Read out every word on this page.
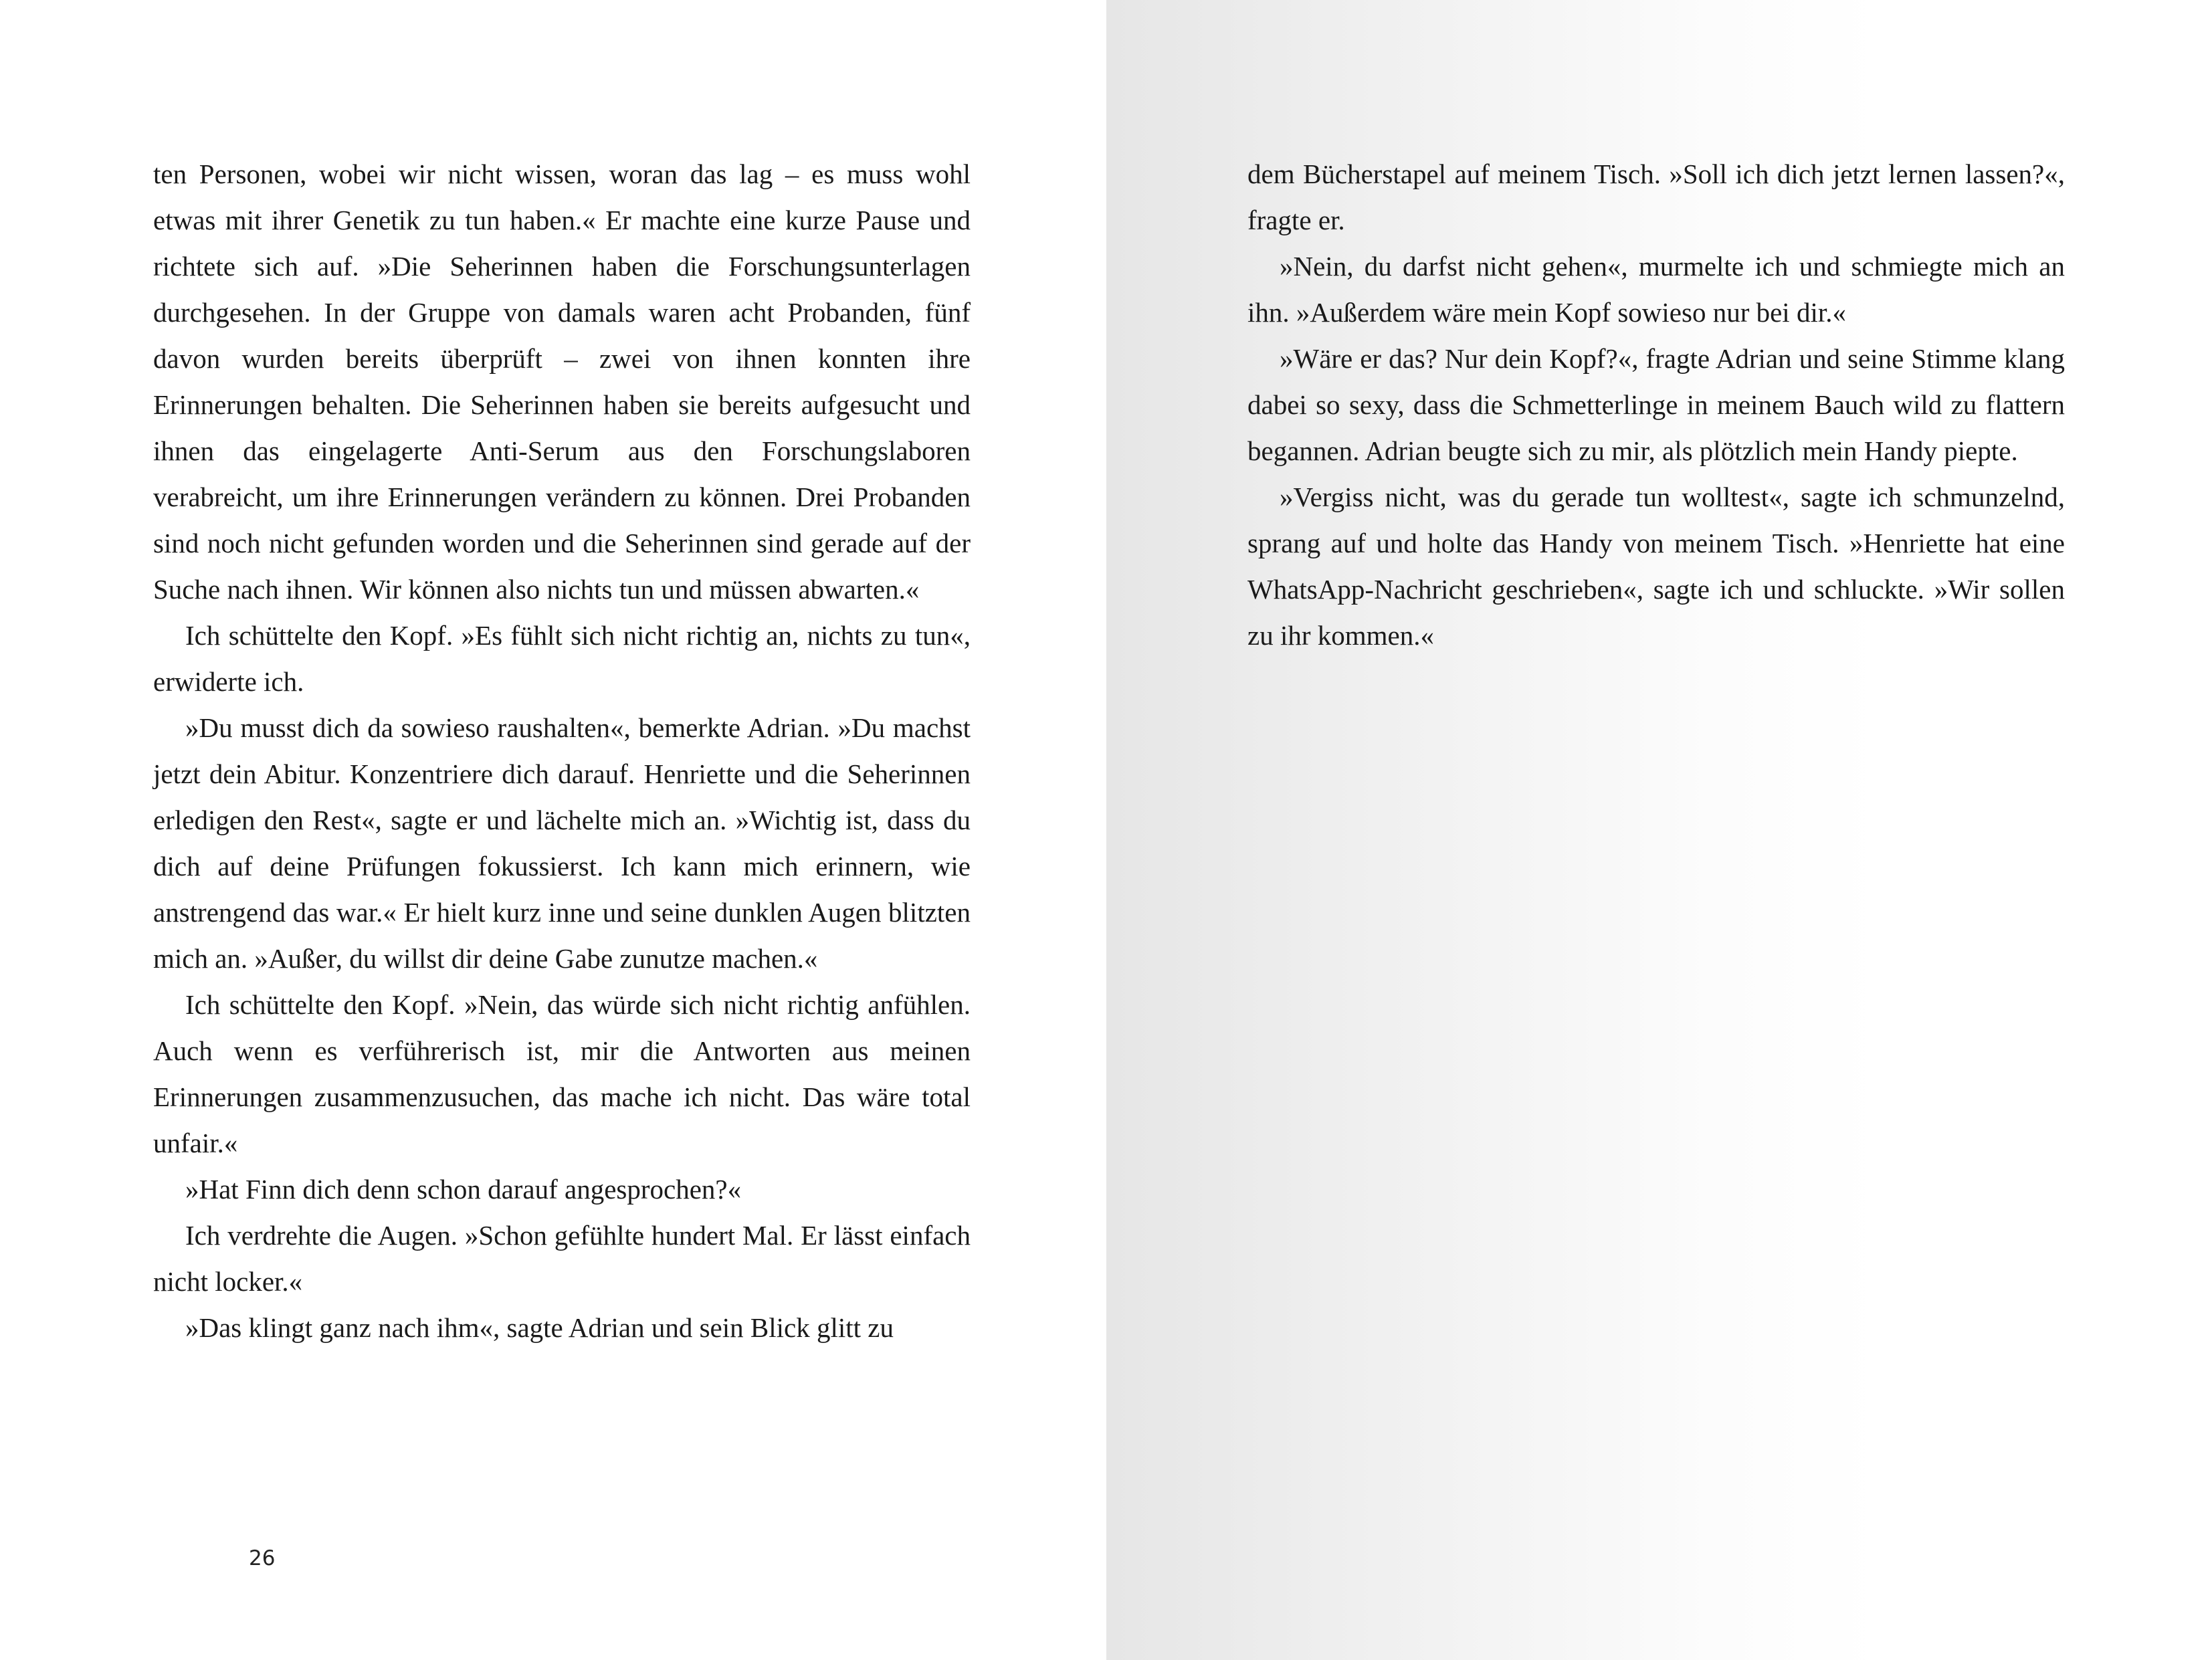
ten Personen, wobei wir nicht wissen, woran das lag – es muss wohl etwas mit ihrer Genetik zu tun haben.« Er machte eine kurze Pause und richtete sich auf. »Die Seherinnen haben die Forschungsunterlagen durchgesehen. In der Gruppe von damals waren acht Probanden, fünf davon wurden bereits überprüft – zwei von ihnen konnten ihre Erinnerungen behalten. Die Seherinnen haben sie bereits aufgesucht und ihnen das eingelagerte Anti-Serum aus den Forschungslaboren verabreicht, um ihre Erinnerungen verändern zu können. Drei Probanden sind noch nicht gefunden worden und die Seherinnen sind gerade auf der Suche nach ihnen. Wir können also nichts tun und müssen abwarten.«

Ich schüttelte den Kopf. »Es fühlt sich nicht richtig an, nichts zu tun«, erwiderte ich.

»Du musst dich da sowieso raushalten«, bemerkte Adrian. »Du machst jetzt dein Abitur. Konzentriere dich darauf. Henriette und die Seherinnen erledigen den Rest«, sagte er und lächelte mich an. »Wichtig ist, dass du dich auf deine Prüfungen fokussierst. Ich kann mich erinnern, wie anstrengend das war.« Er hielt kurz inne und seine dunklen Augen blitzten mich an. »Außer, du willst dir deine Gabe zunutze machen.«

Ich schüttelte den Kopf. »Nein, das würde sich nicht richtig anfühlen. Auch wenn es verführerisch ist, mir die Antworten aus meinen Erinnerungen zusammenzusuchen, das mache ich nicht. Das wäre total unfair.«

»Hat Finn dich denn schon darauf angesprochen?«

Ich verdrehte die Augen. »Schon gefühlte hundert Mal. Er lässt einfach nicht locker.«

»Das klingt ganz nach ihm«, sagte Adrian und sein Blick glitt zu

26

dem Bücherstapel auf meinem Tisch. »Soll ich dich jetzt lernen lassen?«, fragte er.

»Nein, du darfst nicht gehen«, murmelte ich und schmiegte mich an ihn. »Außerdem wäre mein Kopf sowieso nur bei dir.«

»Wäre er das? Nur dein Kopf?«, fragte Adrian und seine Stimme klang dabei so sexy, dass die Schmetterlinge in meinem Bauch wild zu flattern begannen. Adrian beugte sich zu mir, als plötzlich mein Handy piepte.

»Vergiss nicht, was du gerade tun wolltest«, sagte ich schmunzelnd, sprang auf und holte das Handy von meinem Tisch. »Henriette hat eine WhatsApp-Nachricht geschrieben«, sagte ich und schluckte. »Wir sollen zu ihr kommen.«
